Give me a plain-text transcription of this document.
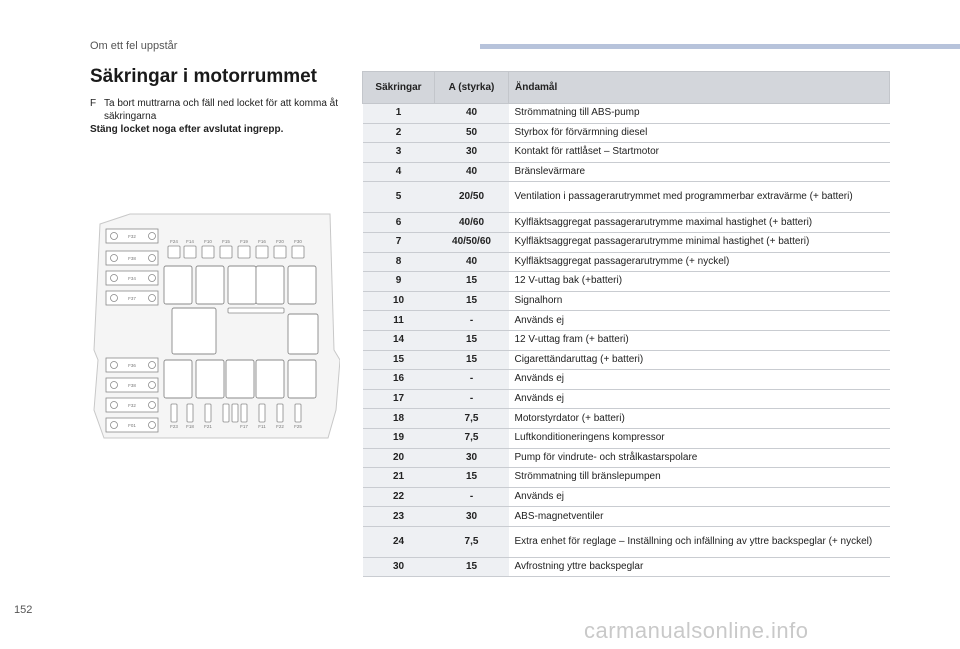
Om ett fel uppstår
Säkringar i motorrummet
F Ta bort muttrarna och fäll ned locket för att komma åt säkringarna
Stäng locket noga efter avslutat ingrepp.
F32
F38
F34
F37
F36
F38
F32
F01
F24 F14 F10 F15 F19 F16 F20 F30
F23 F18 F21	F17 F11 F22 F25
Säkringar	A (styrka)	Ändamål
1	40	Strömmatning till ABS-pump
2	50	Styrbox för förvärmning diesel
3	30	Kontakt för rattlåset – Startmotor
4	40	Bränslevärmare
5	20/50	Ventilation i passagerarutrymmet med programmerbar extravärme (+ batteri)
6	40/60	Kylfläktsaggregat passagerarutrymme maximal hastighet (+ batteri)
7	40/50/60	Kylfläktsaggregat passagerarutrymme minimal hastighet (+ batteri)
8	40	Kylfläktsaggregat passagerarutrymme (+ nyckel)
9	15	12 V-uttag bak (+batteri)
10	15	Signalhorn
11	-	Används ej
14	15	12 V-uttag fram (+ batteri)
15	15	Cigarettändaruttag (+ batteri)
16	-	Används ej
17	-	Används ej
18	7,5	Motorstyrdator (+ batteri)
19	7,5	Luftkonditioneringens kompressor
20	30	Pump för vindrute- och strålkastarspolare
21	15	Strömmatning till bränslepumpen
22	-	Används ej
23	30	ABS-magnetventiler
24	7,5	Extra enhet för reglage – Inställning och infällning av yttre backspeglar (+ nyckel)
30	15	Avfrostning yttre backspeglar
152
carmanualsonline.info
